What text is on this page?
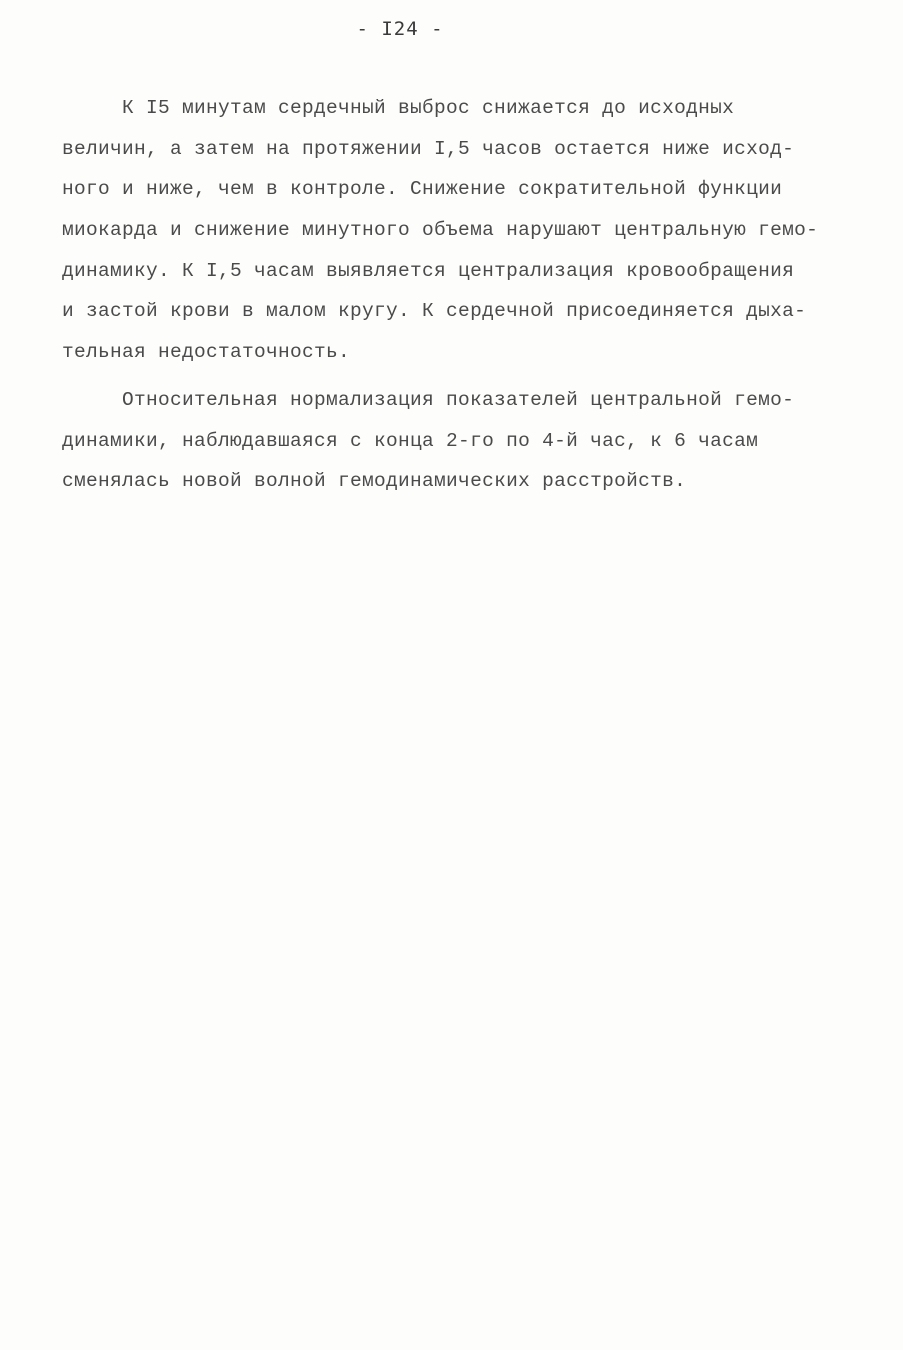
- I24 -
К I5 минутам сердечный выброс снижается до исходных
величин, а затем на протяжении I,5 часов остается ниже исход-
ного и ниже, чем в контроле. Снижение сократительной функции
миокарда и снижение минутного объема нарушают центральную гемо-
динамику. К I,5 часам выявляется централизация кровообращения
и застой крови в малом кругу. К сердечной присоединяется дыха-
тельная недостаточность.
Относительная нормализация показателей центральной гемо-
динамики, наблюдавшаяся с конца 2-го по 4-й час, к 6 часам
сменялась новой волной гемодинамических расстройств.
